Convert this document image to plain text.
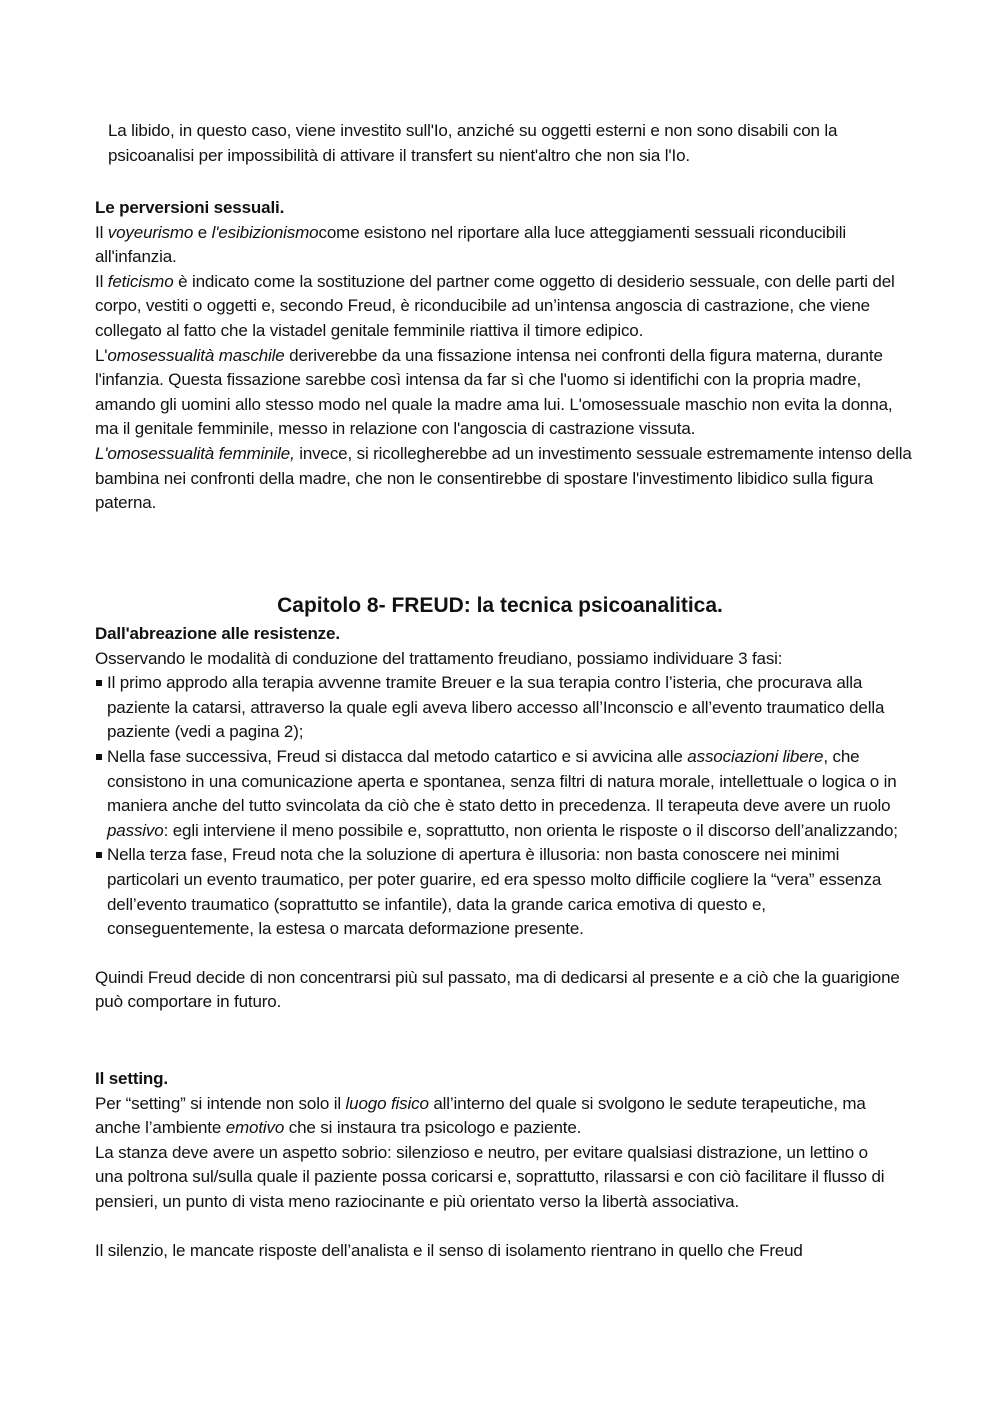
La libido, in questo caso, viene investito sull'Io, anziché su oggetti esterni e non sono disabili con la psicoanalisi per impossibilità di attivare il transfert su nient'altro che non sia l'Io.

Le perversioni sessuali.

Il voyeurismo e l'esibizionismocome esistono nel riportare alla luce atteggiamenti sessuali riconducibili all'infanzia.

Il feticismo è indicato come la sostituzione del partner come oggetto di desiderio sessuale, con delle parti del corpo, vestiti o oggetti e, secondo Freud, è riconducibile ad un’intensa angoscia di castrazione, che viene collegato al fatto che la vistadel genitale femminile riattiva il timore edipico.

L'omosessualità maschile deriverebbe da una fissazione intensa nei confronti della figura materna, durante l'infanzia. Questa fissazione sarebbe così intensa da far sì che l'uomo si identifichi con la propria madre, amando gli uomini allo stesso modo nel quale la madre ama lui. L'omosessuale maschio non evita la donna, ma il genitale femminile, messo in relazione con l'angoscia di castrazione vissuta.

L'omosessualità femminile, invece, si ricollegherebbe ad un investimento sessuale estremamente intenso della bambina nei confronti della madre, che non le consentirebbe di spostare l'investimento libidico sulla figura paterna.

Capitolo 8- FREUD: la tecnica psicoanalitica.

Dall'abreazione alle resistenze.

Osservando le modalità di conduzione del trattamento freudiano, possiamo individuare 3 fasi:

Il primo approdo alla terapia avvenne tramite Breuer e la sua terapia contro l’isteria, che procurava alla paziente la catarsi, attraverso la quale egli aveva libero accesso all’Inconscio e all’evento traumatico della paziente (vedi a pagina 2);
Nella fase successiva, Freud si distacca dal metodo catartico e si avvicina alle associazioni libere, che consistono in una comunicazione aperta e spontanea, senza filtri di natura morale, intellettuale o logica o in maniera anche del tutto svincolata da ciò che è stato detto in precedenza. Il terapeuta deve avere un ruolo passivo: egli interviene il meno possibile e, soprattutto, non orienta le risposte o il discorso dell’analizzando;
Nella terza fase, Freud nota che la soluzione di apertura è illusoria: non basta conoscere nei minimi particolari un evento traumatico, per poter guarire, ed era spesso molto difficile cogliere la “vera” essenza dell’evento traumatico (soprattutto se infantile), data la grande carica emotiva di questo e, conseguentemente, la estesa o marcata deformazione presente.

Quindi Freud decide di non concentrarsi più sul passato, ma di dedicarsi al presente e a ciò che la guarigione può comportare in futuro.

Il setting.

Per “setting” si intende non solo il luogo fisico all’interno del quale si svolgono le sedute terapeutiche, ma anche l’ambiente emotivo che si instaura tra psicologo e paziente.

La stanza deve avere un aspetto sobrio: silenzioso e neutro, per evitare qualsiasi distrazione, un lettino o una poltrona sul/sulla quale il paziente possa coricarsi e, soprattutto, rilassarsi e con ciò facilitare il flusso di pensieri, un punto di vista meno raziocinante e più orientato verso la libertà associativa.

Il silenzio, le mancate risposte dell’analista e il senso di isolamento rientrano in quello che Freud
